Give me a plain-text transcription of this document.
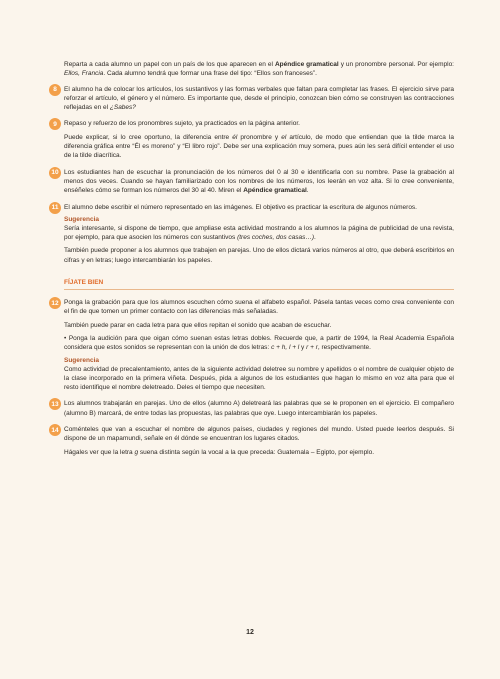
Reparta a cada alumno un papel con un país de los que aparecen en el Apéndice gramatical y un pronombre personal. Por ejemplo: Ellos, Francia. Cada alumno tendrá que formar una frase del tipo: “Ellos son franceses”.

8	El alumno ha de colocar los artículos, los sustantivos y las formas verbales que faltan para completar las frases. El ejercicio sirve para reforzar el artículo, el género y el número. Es importante que, desde el principio, conozcan bien cómo se construyen las contracciones reflejadas en el ¿Sabes?

9	Repaso y refuerzo de los pronombres sujeto, ya practicados en la página anterior.

Puede explicar, si lo cree oportuno, la diferencia entre él pronombre y el artículo, de modo que entiendan que la tilde marca la diferencia gráfica entre “Él es moreno” y “El libro rojo”. Debe ser una explicación muy somera, pues aún les será difícil entender el uso de la tilde diacrítica.

10 Los estudiantes han de escuchar la pronunciación de los números del 0 al 30 e identificarla con su nombre. Pase la grabación al menos dos veces. Cuando se hayan familiarizado con los nombres de los números, los leerán en voz alta. Si lo cree conveniente, enséñeles cómo se forman los números del 30 al 40. Miren el Apéndice gramatical.

11 El alumno debe escribir el número representado en las imágenes. El objetivo es practicar la escritura de algunos números.

Sugerencia

Sería interesante, si dispone de tiempo, que ampliase esta actividad mostrando a los alumnos la página de publicidad de una revista, por ejemplo, para que asocien los números con sustantivos (tres coches, dos casas…).

También puede proponer a los alumnos que trabajen en parejas. Uno de ellos dictará varios números al otro, que deberá escribirlos en cifras y en letras; luego intercambiarán los papeles.

FÍJATE BIEN
12 Ponga la grabación para que los alumnos escuchen cómo suena el alfabeto español. Pásela tantas veces como crea conveniente con el fin de que tomen un primer contacto con las diferencias más señaladas.

También puede parar en cada letra para que ellos repitan el sonido que acaban de escuchar.

• Ponga la audición para que oigan cómo suenan estas letras dobles. Recuerde que, a partir de 1994, la Real Academia Española considera que estos sonidos se representan con la unión de dos letras: c + h, l + l y r + r, respectivamente.

Sugerencia

Como actividad de precalentamiento, antes de la siguiente actividad deletree su nombre y apellidos o el nombre de cualquier objeto de la clase incorporado en la primera viñeta. Después, pida a algunos de los estudiantes que hagan lo mismo en voz alta para que el resto identifique el nombre deletreado. Deles el tiempo que necesiten.

13 Los alumnos trabajarán en parejas. Uno de ellos (alumno A) deletreará las palabras que se le proponen en el ejercicio. El compañero (alumno B) marcará, de entre todas las propuestas, las palabras que oye. Luego intercambiarán los papeles.

14 Coménteles que van a escuchar el nombre de algunos países, ciudades y regiones del mundo. Usted puede leerlos después. Si dispone de un mapamundi, señale en él dónde se encuentran los lugares citados.

Hágales ver que la letra g suena distinta según la vocal a la que preceda: Guatemala – Egipto, por ejemplo.

12
